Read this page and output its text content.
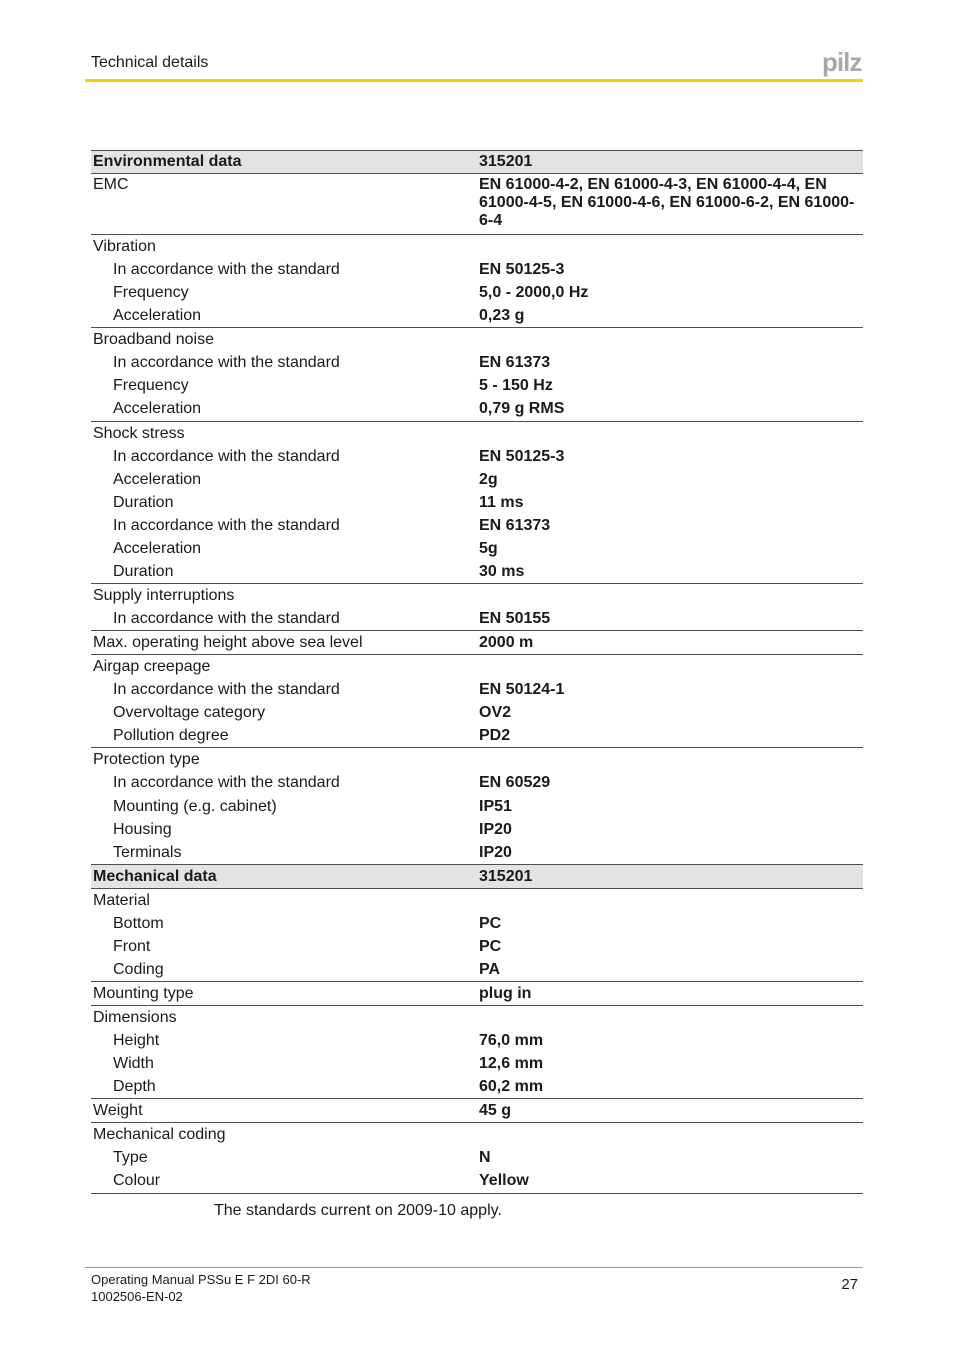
Technical details	pilz
Environmental data	315201
EMC	EN 61000-4-2, EN 61000-4-3, EN 61000-4-4, EN 61000-4-5, EN 61000-4-6, EN 61000-6-2, EN 61000-6-4
Vibration
In accordance with the standard	EN 50125-3
Frequency	5,0 - 2000,0 Hz
Acceleration	0,23 g
Broadband noise
In accordance with the standard	EN 61373
Frequency	5 - 150 Hz
Acceleration	0,79 g RMS
Shock stress
In accordance with the standard	EN 50125-3
Acceleration	2g
Duration	11 ms
In accordance with the standard	EN 61373
Acceleration	5g
Duration	30 ms
Supply interruptions
In accordance with the standard	EN 50155
Max. operating height above sea level	2000 m
Airgap creepage
In accordance with the standard	EN 50124-1
Overvoltage category	OV2
Pollution degree	PD2
Protection type
In accordance with the standard	EN 60529
Mounting (e.g. cabinet)	IP51
Housing	IP20
Terminals	IP20
Mechanical data	315201
Material
Bottom	PC
Front	PC
Coding	PA
Mounting type	plug in
Dimensions
Height	76,0 mm
Width	12,6 mm
Depth	60,2 mm
Weight	45 g
Mechanical coding
Type	N
Colour	Yellow
The standards current on 2009-10 apply.
Operating Manual PSSu E F 2DI 60-R
1002506-EN-02
27
